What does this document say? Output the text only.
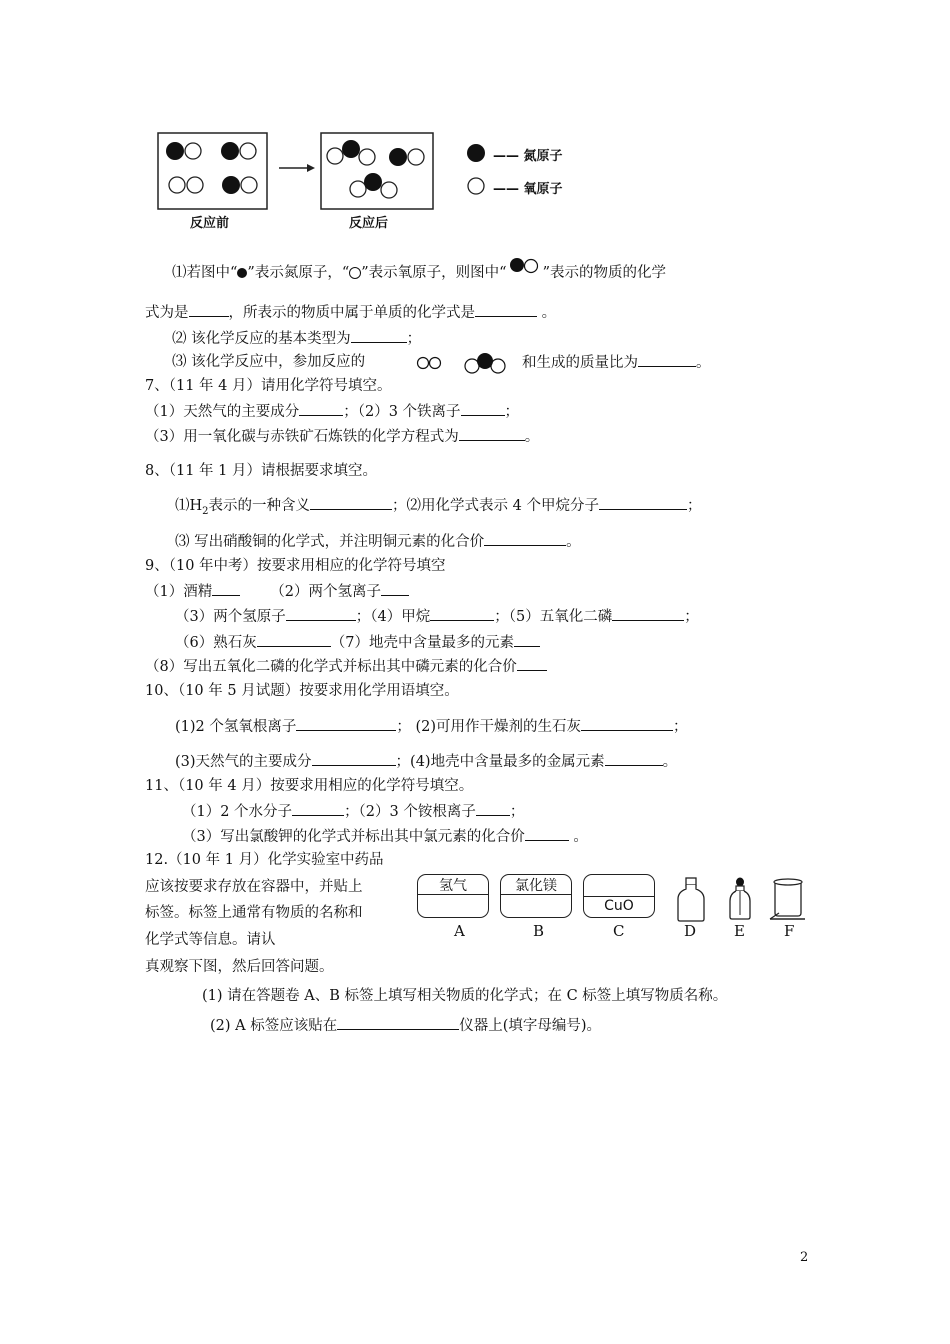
反应前	反应后
—— 氮原子
—— 氧原子
⑴若图中“ ”表示氮原子，“ ”表示氧原子，则图中“ ”表示的物质的化学
式为是	，所表示的物质中属于单质的化学式是	。
⑵ 该化学反应的基本类型为	；
⑶ 该化学反应中，参加反应的	和生成的质量比为	。
7、（11 年 4 月）请用化学符号填空。
（1）天然气的主要成分	；（2）3 个铁离子	；
（3）用一氧化碳与赤铁矿石炼铁的化学方程式为	。
8、（11 年 1 月）请根据要求填空。
$⑴H_2$表示的一种含义	；⑵用化学式表示 4 个甲烷分子	；
⑶ 写出硝酸铜的化学式，并注明铜元素的化合价	。
9、（10 年中考）按要求用相应的化学符号填空
（1）酒精	（2）两个氢离子
（3）两个氢原子	；（4）甲烷	；（5）五氧化二磷	；
（6）熟石灰	（7）地壳中含量最多的元素
（8）写出五氧化二磷的化学式并标出其中磷元素的化合价
10、（10 年 5 月试题）按要求用化学用语填空。
(1)2 个氢氧根离子	； (2)可用作干燥剂的生石灰	；
(3)天然气的主要成分	；(4)地壳中含量最多的金属元素	。
11、（10 年 4 月）按要求用相应的化学符号填空。
（1）2 个水分子	；（2）3 个铵根离子 ；
（3）写出氯酸钾的化学式并标出其中氯元素的化合价	。
12.（10 年 1 月）化学实验室中药品
应该按要求存放在容器中，并贴上
标签。标签上通常有物质的名称和
化学式等信息。请认
真观察下图，然后回答问题。
氢气	氯化镁
CuO
A	B	C	D	E	F
(1) 请在答题卷 A、B 标签上填写相关物质的化学式；在 C 标签上填写物质名称。
(2) A 标签应该贴在	仪器上(填字母编号)。
2
